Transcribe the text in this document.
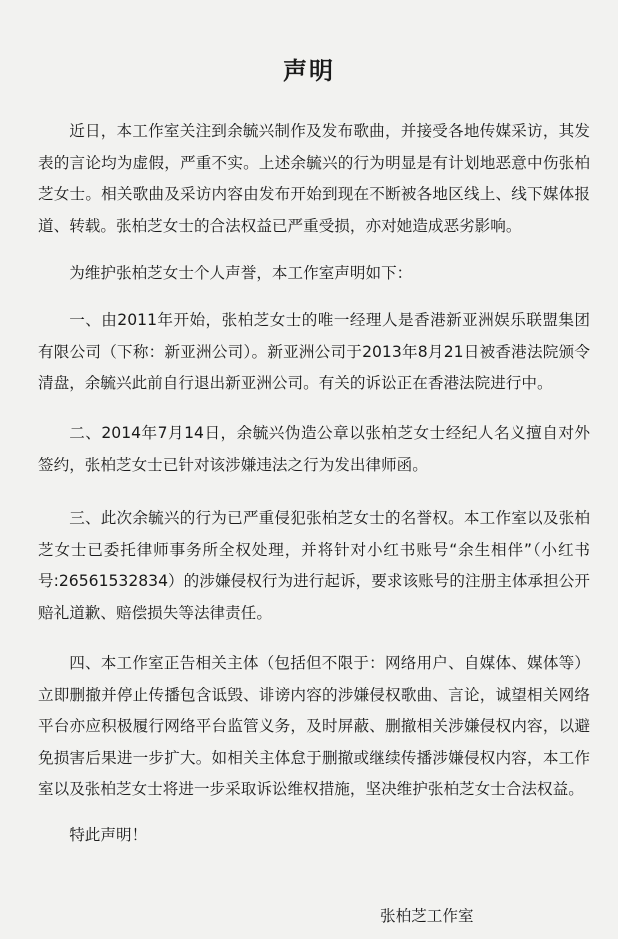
声明

近日，本工作室关注到余毓兴制作及发布歌曲，并接受各地传媒采访，其发表的言论均为虚假，严重不实。上述余毓兴的行为明显是有计划地恶意中伤张柏芝女士。相关歌曲及采访内容由发布开始到现在不断被各地区线上、线下媒体报道、转载。张柏芝女士的合法权益已严重受损，亦对她造成恶劣影响。

为维护张柏芝女士个人声誉，本工作室声明如下：

一、由2011年开始，张柏芝女士的唯一经理人是香港新亚洲娱乐联盟集团有限公司（下称：新亚洲公司）。新亚洲公司于2013年8月21日被香港法院颁令清盘，余毓兴此前自行退出新亚洲公司。有关的诉讼正在香港法院进行中。

二、2014年7月14日，余毓兴伪造公章以张柏芝女士经纪人名义擅自对外签约，张柏芝女士已针对该涉嫌违法之行为发出律师函。

三、此次余毓兴的行为已严重侵犯张柏芝女士的名誉权。本工作室以及张柏芝女士已委托律师事务所全权处理，并将针对小红书账号“余生相伴”（小红书号:26561532834）的涉嫌侵权行为进行起诉，要求该账号的注册主体承担公开赔礼道歉、赔偿损失等法律责任。

四、本工作室正告相关主体（包括但不限于：网络用户、自媒体、媒体等）立即删撤并停止传播包含诋毁、诽谤内容的涉嫌侵权歌曲、言论，诚望相关网络平台亦应积极履行网络平台监管义务，及时屏蔽、删撤相关涉嫌侵权内容，以避免损害后果进一步扩大。如相关主体怠于删撤或继续传播涉嫌侵权内容，本工作室以及张柏芝女士将进一步采取诉讼维权措施，坚决维护张柏芝女士合法权益。

特此声明！

张柏芝工作室
